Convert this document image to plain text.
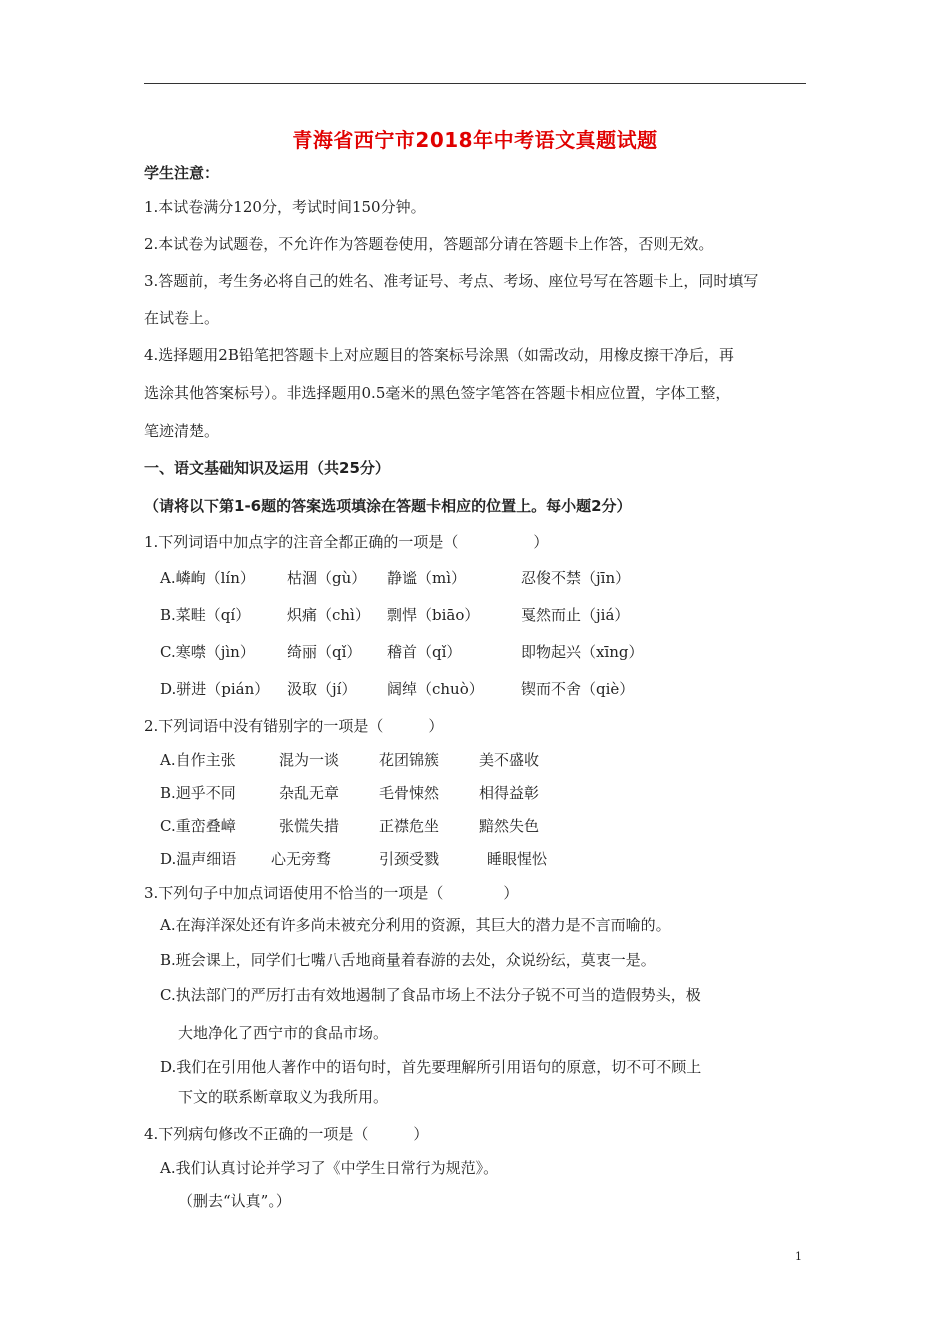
青海省西宁市2018年中考语文真题试题
学生注意：
1.本试卷满分120分，考试时间150分钟。
2.本试卷为试题卷，不允许作为答题卷使用，答题部分请在答题卡上作答，否则无效。
3.答题前，考生务必将自己的姓名、准考证号、考点、考场、座位号写在答题卡上，同时填写
在试卷上。
4.选择题用2B铅笔把答题卡上对应题目的答案标号涂黑（如需改动，用橡皮擦干净后，再
选涂其他答案标号）。非选择题用0.5毫米的黑色签字笔答在答题卡相应位置，字体工整，
笔迹清楚。
一、语文基础知识及运用（共25分）
（请将以下第1-6题的答案选项填涂在答题卡相应的位置上。每小题2分）
1.下列词语中加点字的注音全都正确的一项是（　　　　　）
A.嶙峋（lín） 枯涸（gù） 静谧（mì）	忍俊不禁（jīn）
B.菜畦（qí） 炽痛（chì） 剽悍（biāo）	戛然而止（jiá）
C.寒噤（jìn） 绮丽（qǐ） 稽首（qǐ）	即物起兴（xīng）
D.骈进（pián） 汲取（jí） 阔绰（chuò） 锲而不舍（qiè）
2.下列词语中没有错别字的一项是（　　　）
A.自作主张	混为一谈	花团锦簇	美不盛收
B.迥乎不同	杂乱无章	毛骨悚然	相得益彰
C.重峦叠嶂	张慌失措	正襟危坐	黯然失色
D.温声细语 心无旁骛	引颈受戮	睡眼惺忪
3.下列句子中加点词语使用不恰当的一项是（　　　　）
A.在海洋深处还有许多尚未被充分利用的资源，其巨大的潜力是不言而喻的。
B.班会课上，同学们七嘴八舌地商量着春游的去处，众说纷纭，莫衷一是。
C.执法部门的严厉打击有效地遏制了食品市场上不法分子锐不可当的造假势头，极
大地净化了西宁市的食品市场。
D.我们在引用他人著作中的语句时，首先要理解所引用语句的原意，切不可不顾上
下文的联系断章取义为我所用。
4.下列病句修改不正确的一项是（　　　）
A.我们认真讨论并学习了《中学生日常行为规范》。
（删去“认真”。）
1
